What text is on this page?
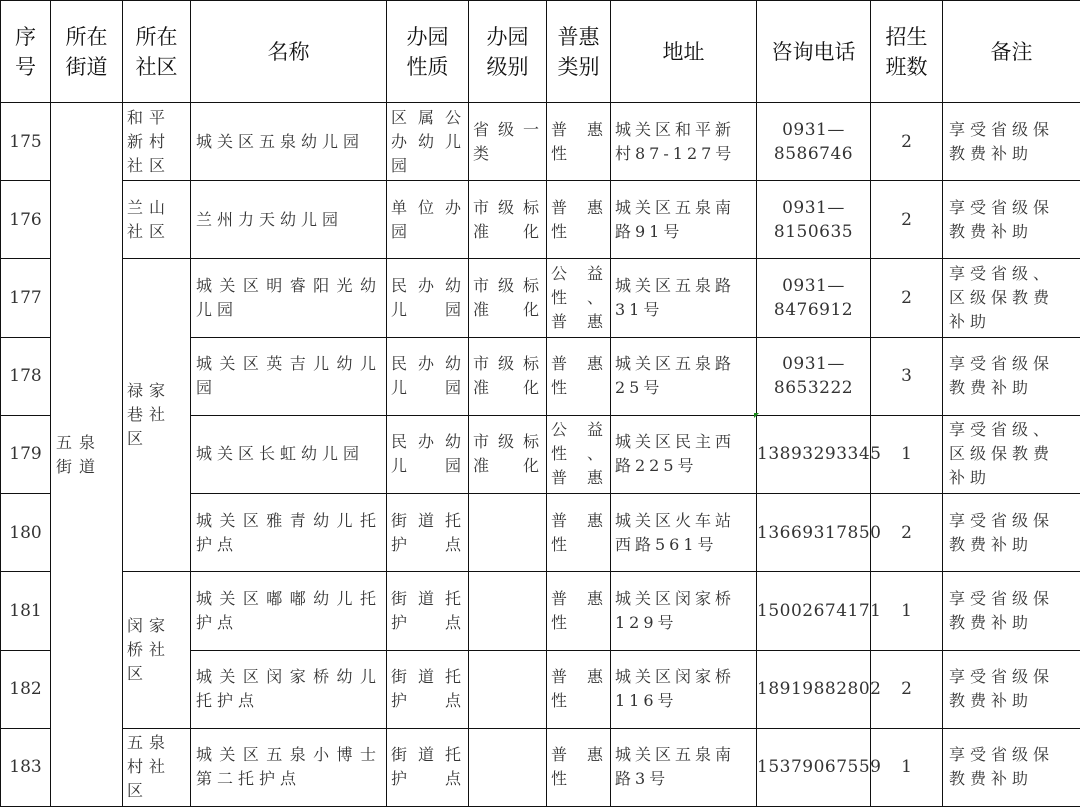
序号	所在街道	所在社区	名称	办园性质	办园级别	普惠类别	地址	咨询电话	招生班数	备注
175	五泉街道	和平新村社区	城关区五泉幼儿园	区属公办幼儿园	省级一类	普惠性	城关区和平新村87-127号	0931—8586746	2	享受省级保教费补助
176		兰山社区	兰州力天幼儿园	单位办园	市级标准化	普惠性	城关区五泉南路91号	0931—8150635	2	享受省级保教费补助
177		禄家巷社区	城关区明睿阳光幼儿园	民办幼儿园	市级标准化	公益性、普惠	城关区五泉路31号	0931—8476912	2	享受省级、区级保教费补助
178			城关区英吉儿幼儿园	民办幼儿园	市级标准化	普惠性	城关区五泉路25号	0931—8653222	3	享受省级保教费补助
179			城关区长虹幼儿园	民办幼儿园	市级标准化	公益性、普惠	城关区民主西路225号	13893293345	1	享受省级、区级保教费补助
180			城关区雅青幼儿托护点	街道托护点		普惠性	城关区火车站西路561号	13669317850	2	享受省级保教费补助
181		闵家桥社区	城关区嘟嘟幼儿托护点	街道托护点		普惠性	城关区闵家桥129号	15002674171	1	享受省级保教费补助
182			城关区闵家桥幼儿托护点	街道托护点		普惠性	城关区闵家桥116号	18919882802	2	享受省级保教费补助
183		五泉村社区	城关区五泉小博士第二托护点	街道托护点		普惠性	城关区五泉南路3号	15379067559	1	享受省级保教费补助
